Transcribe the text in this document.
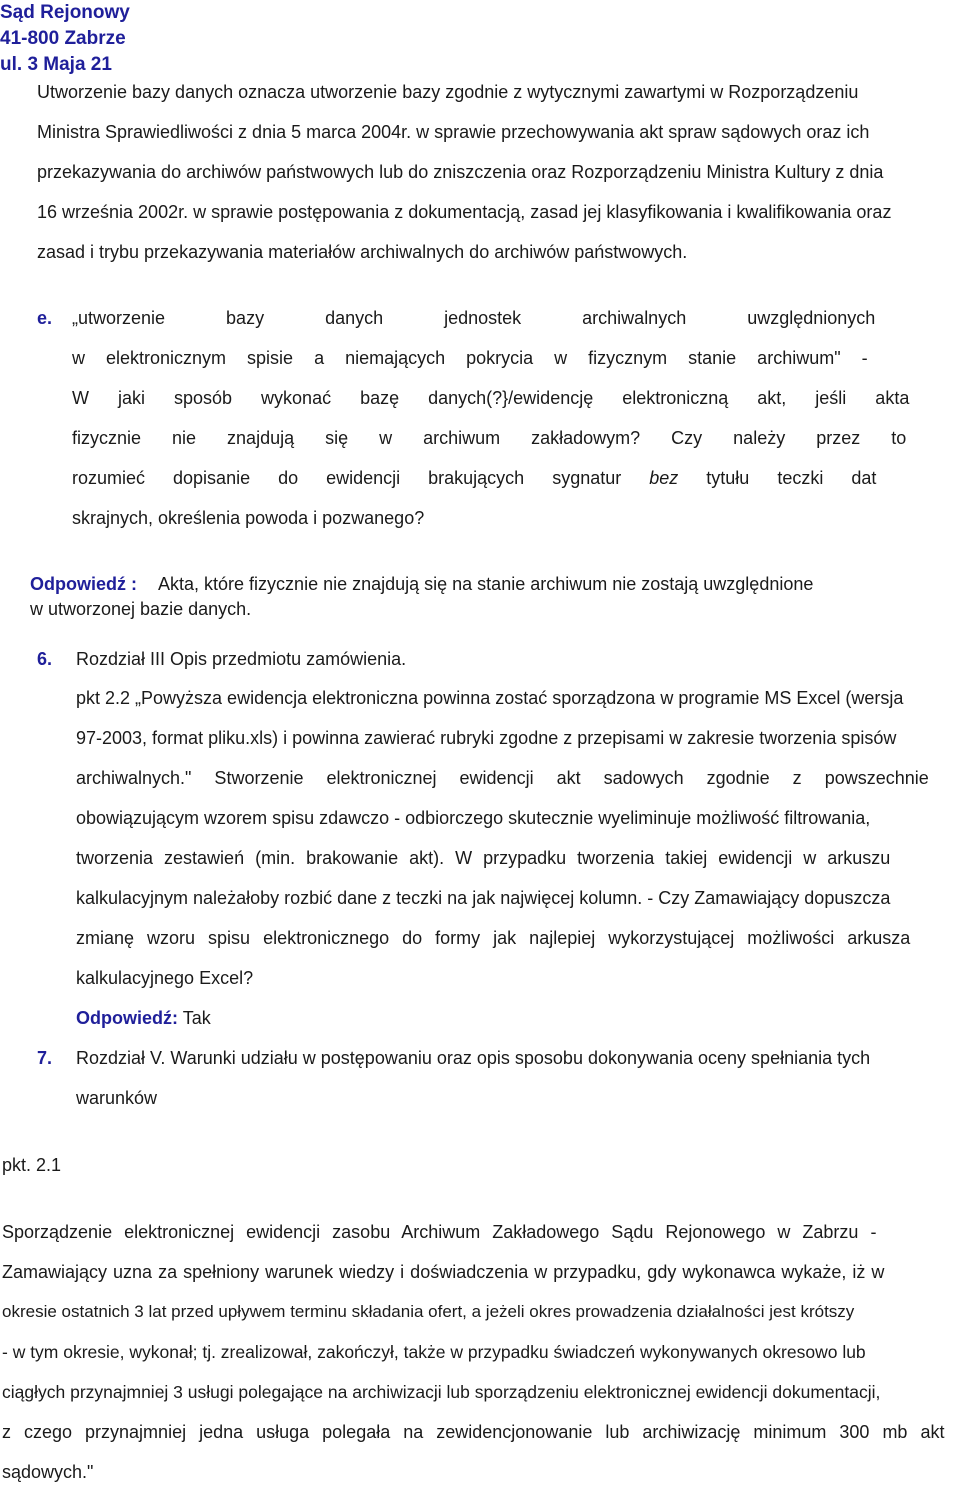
Sąd Rejonowy
41-800 Zabrze
ul. 3 Maja 21
Utworzenie bazy danych oznacza utworzenie bazy zgodnie z wytycznymi zawartymi w Rozporządzeniu
Ministra Sprawiedliwości z dnia 5 marca 2004r. w sprawie przechowywania akt spraw sądowych oraz ich
przekazywania do archiwów państwowych lub do zniszczenia oraz Rozporządzeniu Ministra Kultury z dnia
16 września 2002r. w sprawie postępowania z dokumentacją, zasad jej klasyfikowania i kwalifikowania oraz
zasad i trybu przekazywania materiałów archiwalnych do archiwów państwowych.
e. „utworzenie bazy danych jednostek archiwalnych uwzględnionych
w elektronicznym spisie a niemających pokrycia w fizycznym stanie archiwum" -
W jaki sposób wykonać bazę danych(?}/ewidencję elektroniczną akt, jeśli akta
fizycznie nie znajdują się w archiwum zakładowym? Czy należy przez to
rozumieć dopisanie do ewidencji brakujących sygnatur bez tytułu teczki dat
skrajnych, określenia powoda i pozwanego?
Odpowiedź : Akta, które fizycznie nie znajdują się na stanie archiwum nie zostają uwzględnione
w utworzonej bazie danych.
6. Rozdział III Opis przedmiotu zamówienia.
pkt 2.2 „Powyższa ewidencja elektroniczna powinna zostać sporządzona w programie MS Excel (wersja
97-2003, format pliku.xls) i powinna zawierać rubryki zgodne z przepisami w zakresie tworzenia spisów
archiwalnych." Stworzenie elektronicznej ewidencji akt sadowych zgodnie z powszechnie
obowiązującym wzorem spisu zdawczo - odbiorczego skutecznie wyeliminuje możliwość filtrowania,
tworzenia zestawień (min. brakowanie akt). W przypadku tworzenia takiej ewidencji w arkuszu
kalkulacyjnym należałoby rozbić dane z teczki na jak najwięcej kolumn. - Czy Zamawiający dopuszcza
zmianę wzoru spisu elektronicznego do formy jak najlepiej wykorzystującej możliwości arkusza
kalkulacyjnego Excel?
Odpowiedź: Tak
7. Rozdział V. Warunki udziału w postępowaniu oraz opis sposobu dokonywania oceny spełniania tych
warunków
pkt. 2.1
Sporządzenie elektronicznej ewidencji zasobu Archiwum Zakładowego Sądu Rejonowego w Zabrzu -
Zamawiający uzna za spełniony warunek wiedzy i doświadczenia w przypadku, gdy wykonawca wykaże, iż w
okresie ostatnich 3 lat przed upływem terminu składania ofert, a jeżeli okres prowadzenia działalności jest krótszy
- w tym okresie, wykonał; tj. zrealizował, zakończył, także w przypadku świadczeń wykonywanych okresowo lub
ciągłych przynajmniej 3 usługi polegające na archiwizacji lub sporządzeniu elektronicznej ewidencji dokumentacji,
z czego przynajmniej jedna usługa polegała na zewidencjonowanie lub archiwizację minimum 300 mb akt
sądowych."
